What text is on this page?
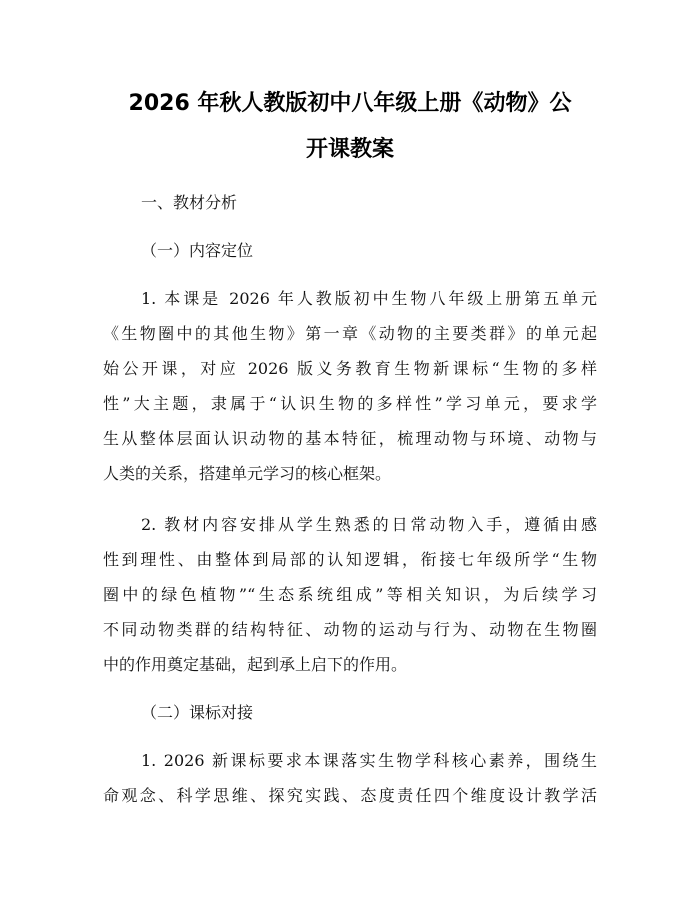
2026 年秋人教版初中八年级上册《动物》公
开课教案
一、教材分析
（一）内容定位
1. 本课是 2026 年人教版初中生物八年级上册第五单元
《生物圈中的其他生物》第一章《动物的主要类群》的单元起
始公开课，对应 2026 版义务教育生物新课标“生物的多样
性”大主题，隶属于“认识生物的多样性”学习单元，要求学
生从整体层面认识动物的基本特征，梳理动物与环境、动物与
人类的关系，搭建单元学习的核心框架。
2. 教材内容安排从学生熟悉的日常动物入手，遵循由感
性到理性、由整体到局部的认知逻辑，衔接七年级所学“生物
圈中的绿色植物”“生态系统组成”等相关知识，为后续学习
不同动物类群的结构特征、动物的运动与行为、动物在生物圈
中的作用奠定基础，起到承上启下的作用。
（二）课标对接
1. 2026 新课标要求本课落实生物学科核心素养，围绕生
命观念、科学思维、探究实践、态度责任四个维度设计教学活
